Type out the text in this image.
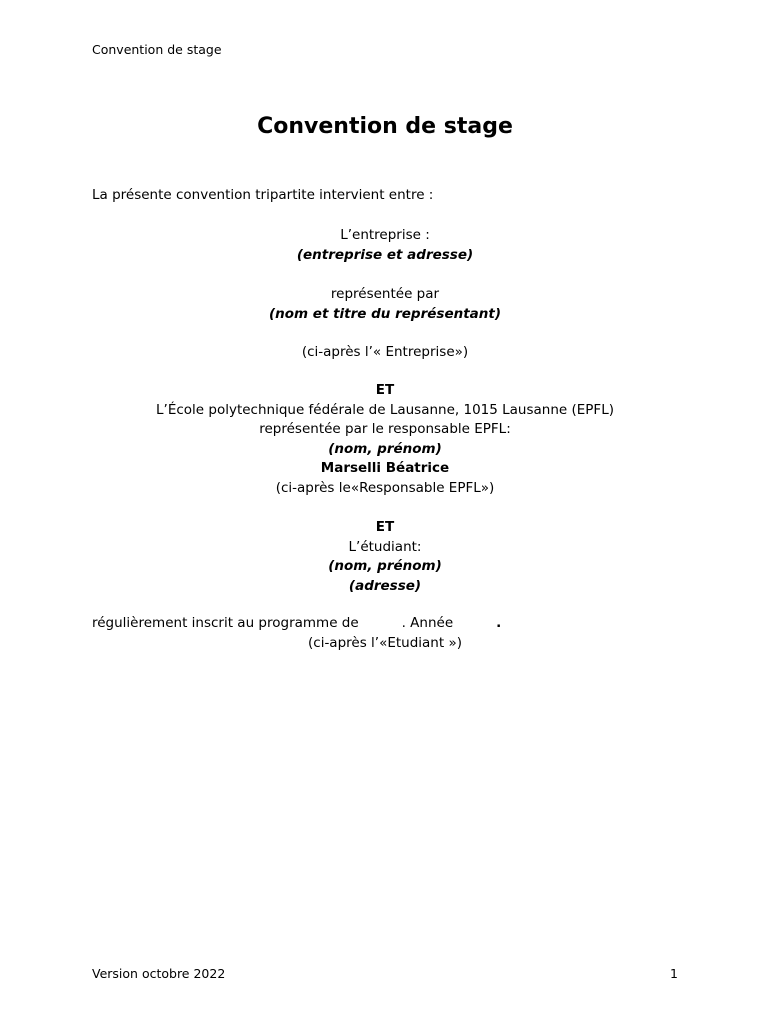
Convention de stage
Convention de stage
La présente convention tripartite intervient entre :
L’entreprise :
(entreprise et adresse)
représentée par
(nom et titre du représentant)
(ci-après l’« Entreprise»)
ET
L’École polytechnique fédérale de Lausanne, 1015 Lausanne (EPFL)
représentée par le responsable EPFL:
(nom, prénom)
Marselli Béatrice
(ci-après le«Responsable EPFL»)
ET
L’étudiant:
(nom, prénom)
(adresse)
régulièrement inscrit au programme de	. Année	.
(ci-après l’«Etudiant »)
Version octobre 2022	1
